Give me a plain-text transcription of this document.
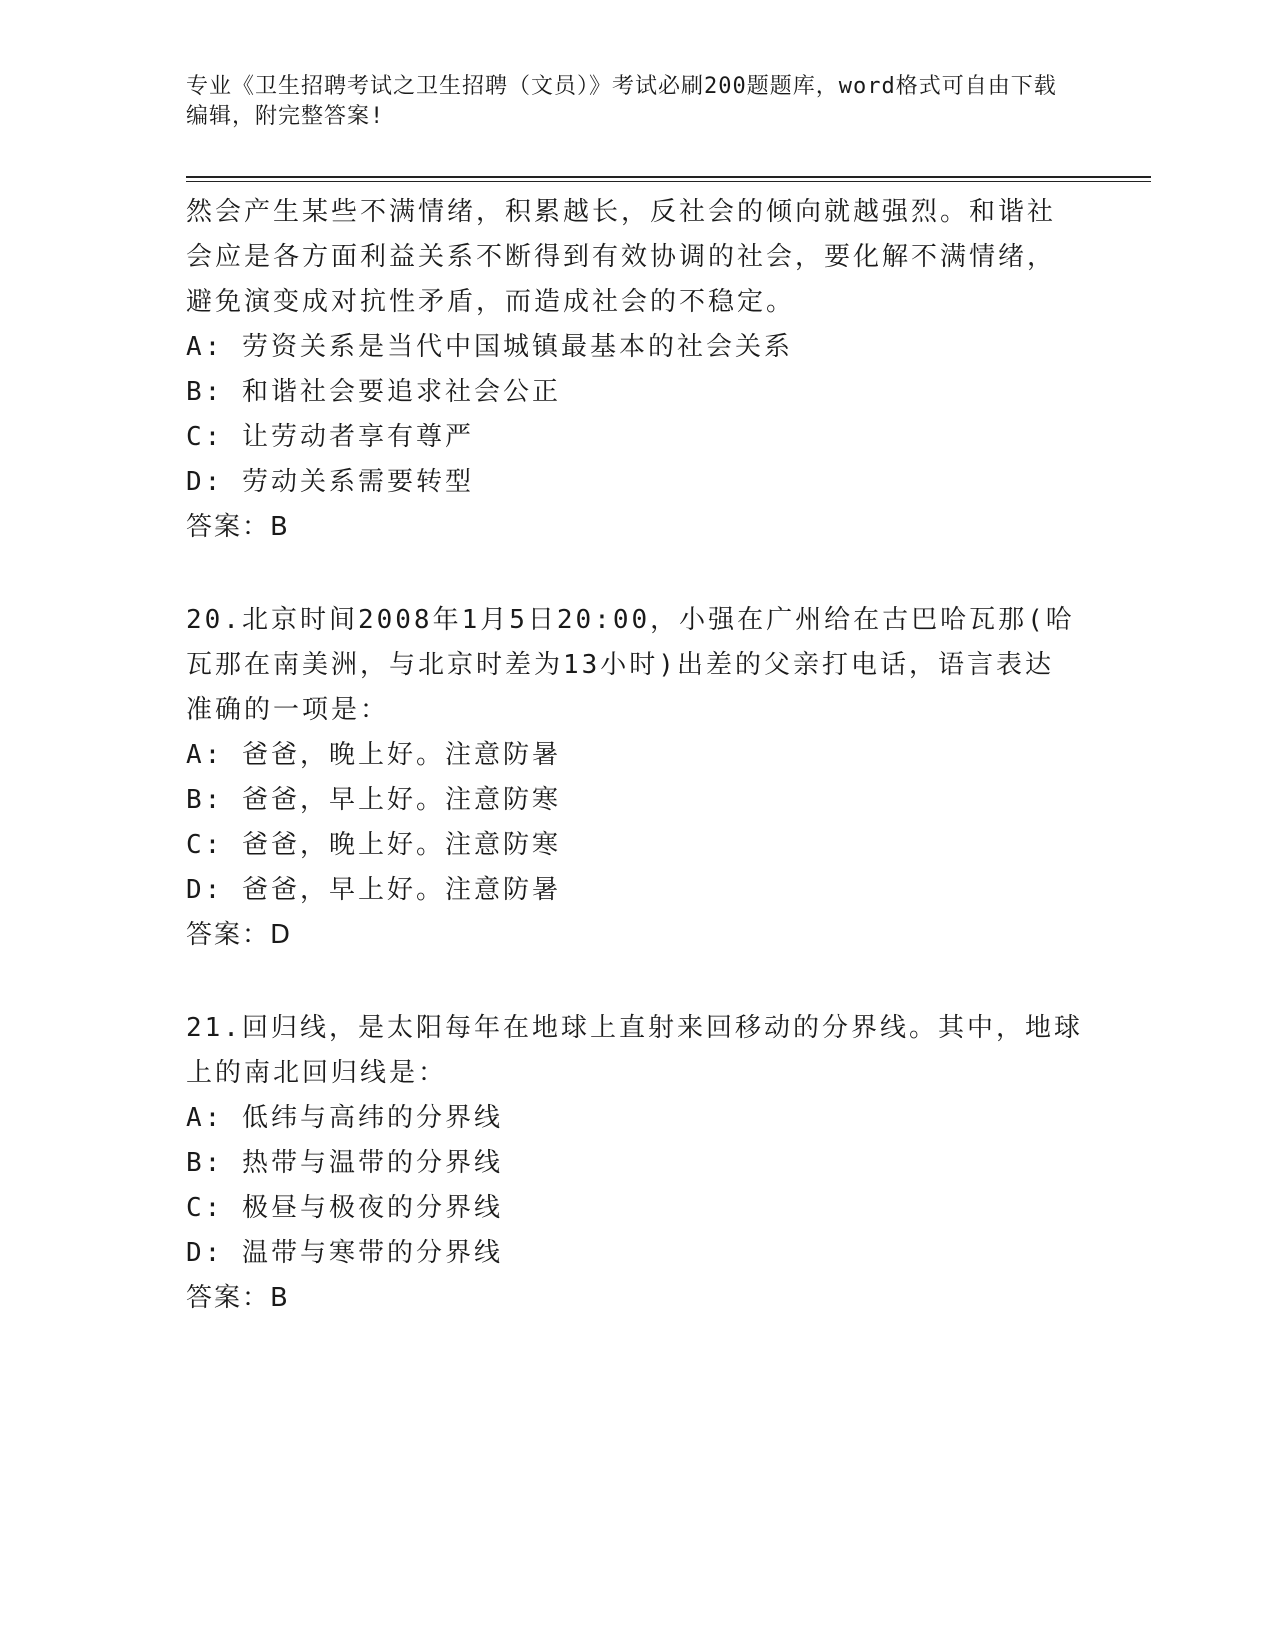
专业《卫生招聘考试之卫生招聘（文员）》考试必刷200题题库，word格式可自由下载编辑，附完整答案!
然会产生某些不满情绪，积累越长，反社会的倾向就越强烈。和谐社
会应是各方面利益关系不断得到有效协调的社会，要化解不满情绪，
避免演变成对抗性矛盾，而造成社会的不稳定。
A: 劳资关系是当代中国城镇最基本的社会关系
B: 和谐社会要追求社会公正
C: 让劳动者享有尊严
D: 劳动关系需要转型
答案：B
20.北京时间2008年1月5日20:00，小强在广州给在古巴哈瓦那(哈
瓦那在南美洲，与北京时差为13小时)出差的父亲打电话，语言表达
准确的一项是：
A: 爸爸，晚上好。注意防暑
B: 爸爸，早上好。注意防寒
C: 爸爸，晚上好。注意防寒
D: 爸爸，早上好。注意防暑
答案：D
21.回归线，是太阳每年在地球上直射来回移动的分界线。其中，地球
上的南北回归线是：
A: 低纬与高纬的分界线
B: 热带与温带的分界线
C: 极昼与极夜的分界线
D: 温带与寒带的分界线
答案：B
